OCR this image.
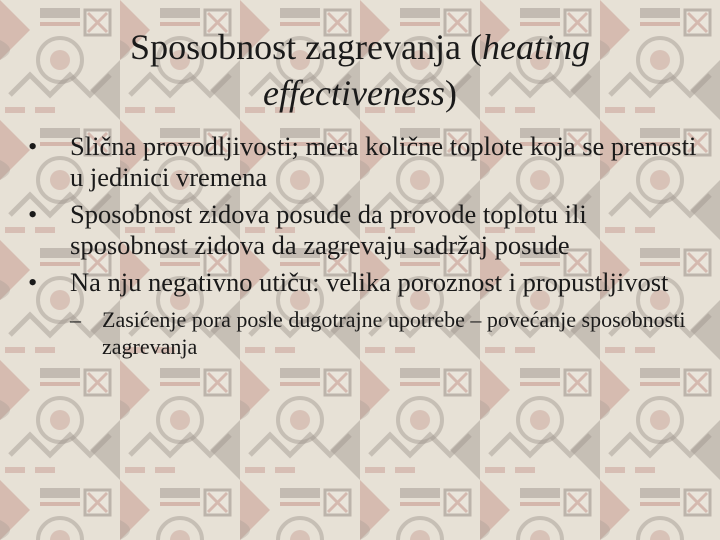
Sposobnost zagrevanja (heating effectiveness)
•	Slična provodljivosti; mera količne toplote koja se prenosti u jedinici vremena
•	Sposobnost zidova posude da provode toplotu ili sposobnost zidova da zagrevaju sadržaj posude
•	Na nju negativno utiču: velika poroznost i propustljivost
– Zasićenje pora posle dugotrajne upotrebe – povećanje sposobnosti zagrevanja
